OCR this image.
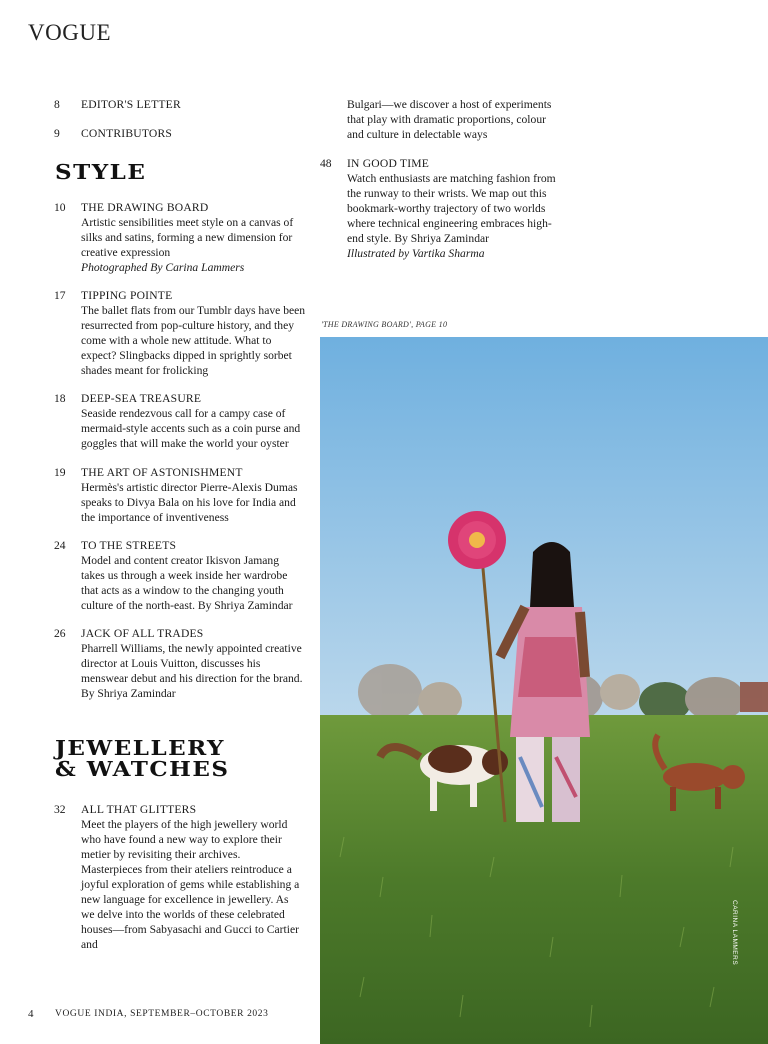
VOGUE
8 EDITOR'S LETTER
9 CONTRIBUTORS
STYLE
10 THE DRAWING BOARD
Artistic sensibilities meet style on a canvas of silks and satins, forming a new dimension for creative expression
Photographed By Carina Lammers
17 TIPPING POINTE
The ballet flats from our Tumblr days have been resurrected from pop-culture history, and they come with a whole new attitude. What to expect? Slingbacks dipped in sprightly sorbet shades meant for frolicking
18 DEEP-SEA TREASURE
Seaside rendezvous call for a campy case of mermaid-style accents such as a coin purse and goggles that will make the world your oyster
19 THE ART OF ASTONISHMENT
Hermès's artistic director Pierre-Alexis Dumas speaks to Divya Bala on his love for India and the importance of inventiveness
24 TO THE STREETS
Model and content creator Ikisvon Jamang takes us through a week inside her wardrobe that acts as a window to the changing youth culture of the north-east. By Shriya Zamindar
26 JACK OF ALL TRADES
Pharrell Williams, the newly appointed creative director at Louis Vuitton, discusses his menswear debut and his direction for the brand. By Shriya Zamindar
JEWELLERY
& WATCHES
32 ALL THAT GLITTERS
Meet the players of the high jewellery world who have found a new way to explore their metier by revisiting their archives. Masterpieces from their ateliers reintroduce a joyful exploration of gems while establishing a new language for excellence in jewellery. As we delve into the worlds of these celebrated houses—from Sabyasachi and Gucci to Cartier and
Bulgari—we discover a host of experiments that play with dramatic proportions, colour and culture in delectable ways
48 IN GOOD TIME
Watch enthusiasts are matching fashion from the runway to their wrists. We map out this bookmark-worthy trajectory of two worlds where technical engineering embraces high-end style. By Shriya Zamindar
Illustrated by Vartika Sharma
'THE DRAWING BOARD', PAGE 10
CARINA LAMMERS
4 VOGUE INDIA, SEPTEMBER–OCTOBER 2023
